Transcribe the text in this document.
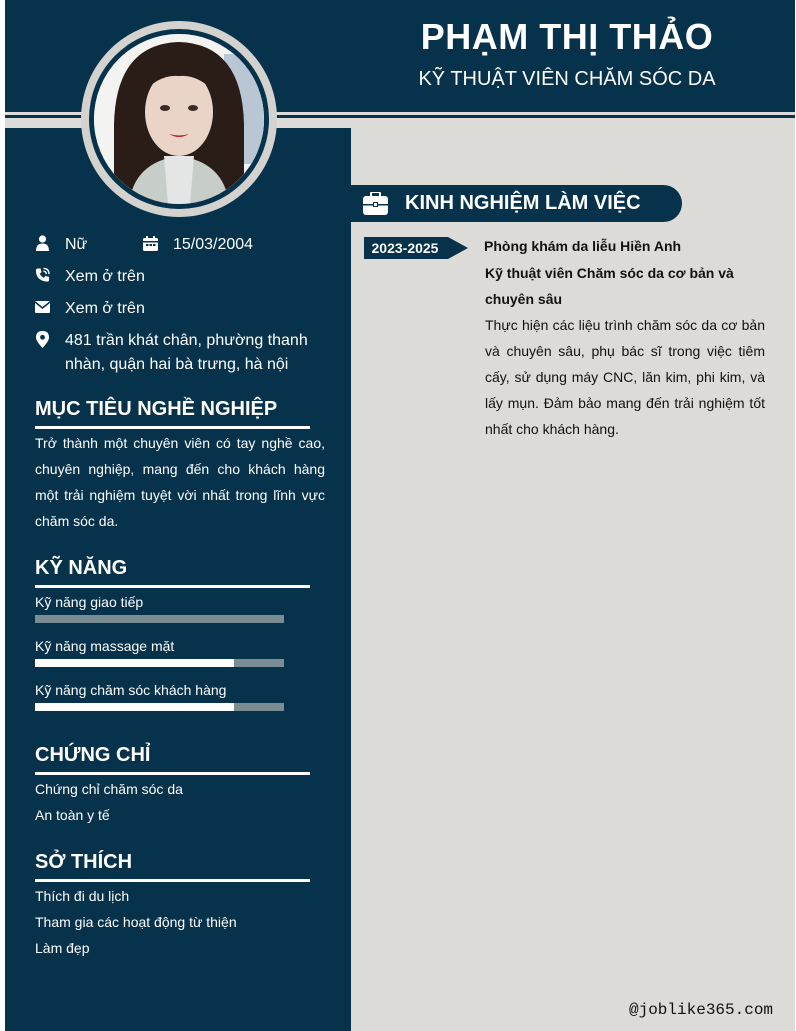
PHẠM THỊ THẢO
KỸ THUẬT VIÊN CHĂM SÓC DA
Nữ	15/03/2004
Xem ở trên
Xem ở trên
481 trần khát chân, phường thanh nhàn, quận hai bà trưng, hà nội
MỤC TIÊU NGHỀ NGHIỆP
Trở thành một chuyên viên có tay nghề cao, chuyên nghiệp, mang đến cho khách hàng một trải nghiệm tuyệt vời nhất trong lĩnh vực chăm sóc da.
KỸ NĂNG
Kỹ năng giao tiếp
Kỹ năng massage mặt
Kỹ năng chăm sóc khách hàng
CHỨNG CHỈ
Chứng chỉ chăm sóc da
An toàn y tế
SỞ THÍCH
Thích đi du lịch
Tham gia các hoạt động từ thiện
Làm đẹp
KINH NGHIỆM LÀM VIỆC
2023-2025	Phòng khám da liễu Hiền Anh
Kỹ thuật viên Chăm sóc da cơ bản và chuyên sâu
Thực hiện các liệu trình chăm sóc da cơ bản và chuyên sâu, phụ bác sĩ trong việc tiêm cấy, sử dụng máy CNC, lăn kim, phi kim, và lấy mụn. Đảm bảo mang đến trải nghiệm tốt nhất cho khách hàng.
@joblike365.com
